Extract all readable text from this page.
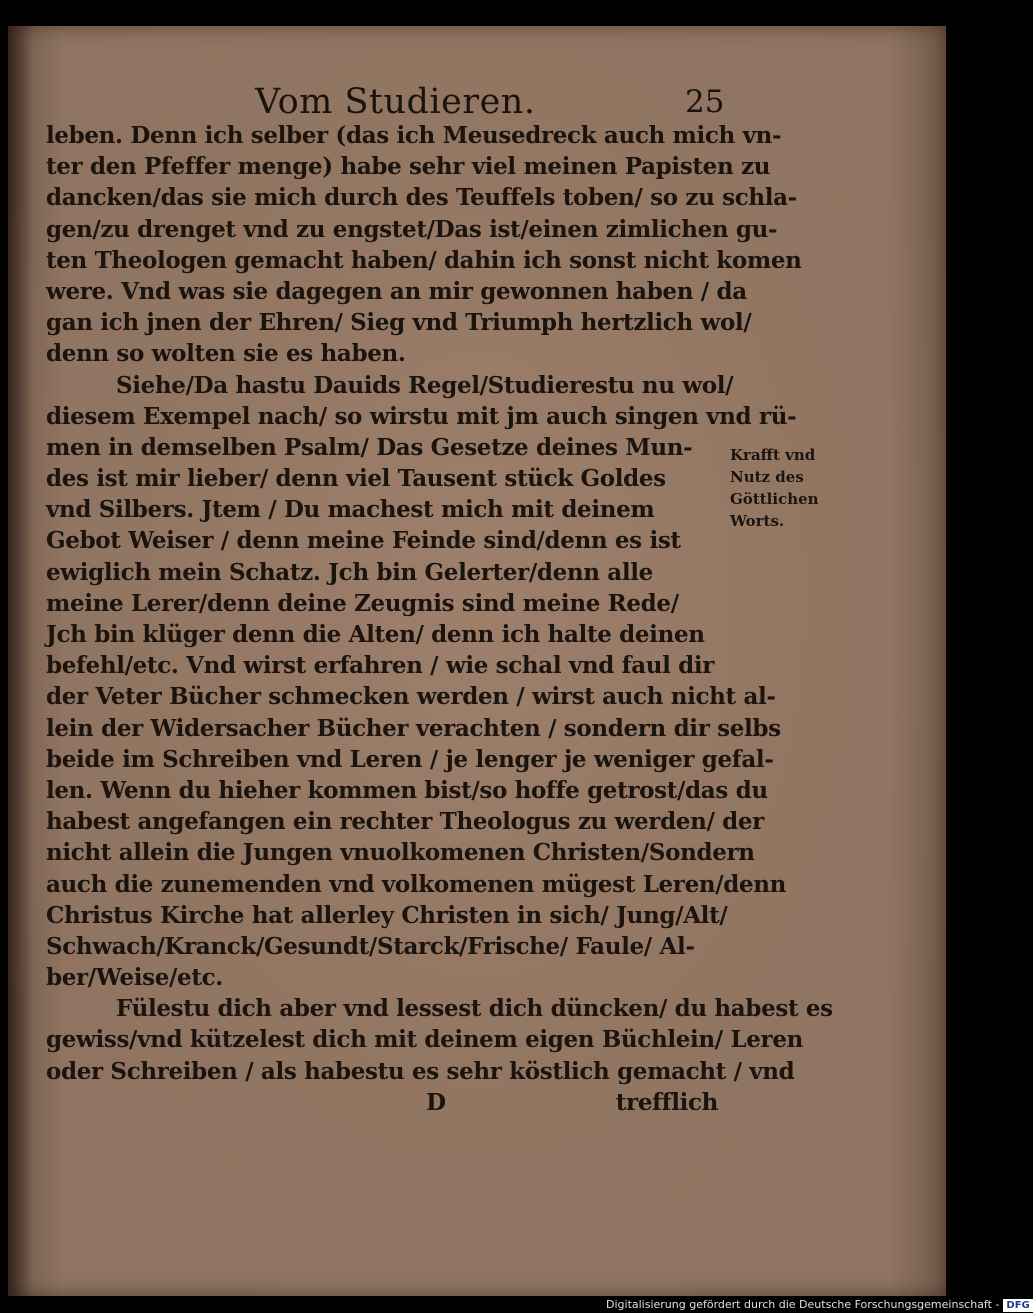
Vom Studieren.	25
leben. Denn ich selber (das ich Meusedreck auch mich vn-
ter den Pfeffer menge) habe sehr viel meinen Papisten zu
dancken/das sie mich durch des Teuffels toben/ so zu schla-
gen/zu drenget vnd zu engstet/Das ist/einen zimlichen gu-
ten Theologen gemacht haben/ dahin ich sonst nicht komen
were. Vnd was sie dagegen an mir gewonnen haben / da
gan ich jnen der Ehren/ Sieg vnd Triumph hertzlich wol/
denn so wolten sie es haben.
Siehe/Da hastu Dauids Regel/Studierestu nu wol/
diesem Exempel nach/ so wirstu mit jm auch singen vnd rü-
men in demselben Psalm/ Das Gesetze deines Mun-
des ist mir lieber/ denn viel Tausent stück Goldes
vnd Silbers. Jtem / Du machest mich mit deinem
Gebot Weiser / denn meine Feinde sind/denn es ist
ewiglich mein Schatz. Jch bin Gelerter/denn alle
meine Lerer/denn deine Zeugnis sind meine Rede/
Jch bin klüger denn die Alten/ denn ich halte deinen
befehl/etc. Vnd wirst erfahren / wie schal vnd faul dir
der Veter Bücher schmecken werden / wirst auch nicht al-
lein der Widersacher Bücher verachten / sondern dir selbs
beide im Schreiben vnd Leren / je lenger je weniger gefal-
len. Wenn du hieher kommen bist/so hoffe getrost/das du
habest angefangen ein rechter Theologus zu werden/ der
nicht allein die Jungen vnuolkomenen Christen/Sondern
auch die zunemenden vnd volkomenen mügest Leren/denn
Christus Kirche hat allerley Christen in sich/ Jung/Alt/
Schwach/Kranck/Gesundt/Starck/Frische/ Faule/ Al-
ber/Weise/etc.
Fülestu dich aber vnd lessest dich düncken/ du habest es
gewiss/vnd kützelest dich mit deinem eigen Büchlein/ Leren
oder Schreiben / als habestu es sehr köstlich gemacht / vnd
D	trefflich
Krafft vnd
Nutz des
Göttlichen
Worts.
Digitalisierung gefördert durch die Deutsche Forschungsgemeinschaft - DFG
